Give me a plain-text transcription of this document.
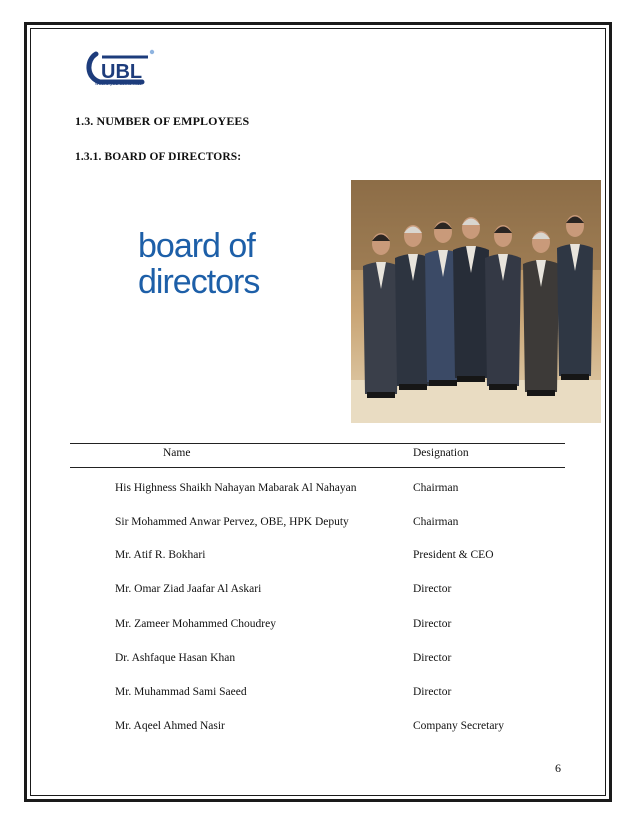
UBL
where you come first
1.3. NUMBER OF EMPLOYEES
1.3.1. BOARD OF DIRECTORS:
board of
directors
Name	Designation
His Highness Shaikh Nahayan Mabarak Al Nahayan	Chairman
Sir Mohammed Anwar Pervez, OBE, HPK Deputy	Chairman
Mr. Atif R. Bokhari	President & CEO
Mr. Omar Ziad Jaafar Al Askari	Director
Mr. Zameer Mohammed Choudrey	Director
Dr. Ashfaque Hasan Khan	Director
Mr. Muhammad Sami Saeed	Director
Mr. Aqeel Ahmed Nasir	Company Secretary
6
